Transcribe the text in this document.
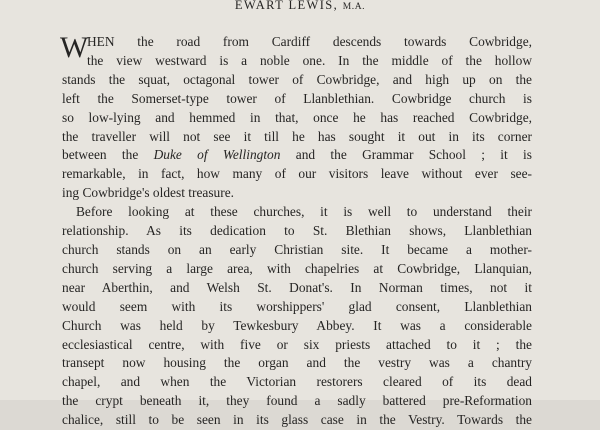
EWART LEWIS, M.A.
W
HEN the road from Cardiff descends towards Cowbridge,
the view westward is a noble one. In the middle of the hollow
stands the squat, octagonal tower of Cowbridge, and high up on the
left the Somerset-type tower of Llanblethian. Cowbridge church is
so low-lying and hemmed in that, once he has reached Cowbridge,
the traveller will not see it till he has sought it out in its corner
between the Duke of Wellington and the Grammar School ; it is
remarkable, in fact, how many of our visitors leave without ever see-
ing Cowbridge's oldest treasure.
Before looking at these churches, it is well to understand their
relationship. As its dedication to St. Blethian shows, Llanblethian
church stands on an early Christian site. It became a mother-
church serving a large area, with chapelries at Cowbridge, Llanquian,
near Aberthin, and Welsh St. Donat's. In Norman times, not it
would seem with its worshippers' glad consent, Llanblethian
Church was held by Tewkesbury Abbey. It was a considerable
ecclesiastical centre, with five or six priests attached to it ; the
transept now housing the organ and the vestry was a chantry
chapel, and when the Victorian restorers cleared of its dead
the crypt beneath it, they found a sadly battered pre-Reformation
chalice, still to be seen in its glass case in the Vestry. Towards the
